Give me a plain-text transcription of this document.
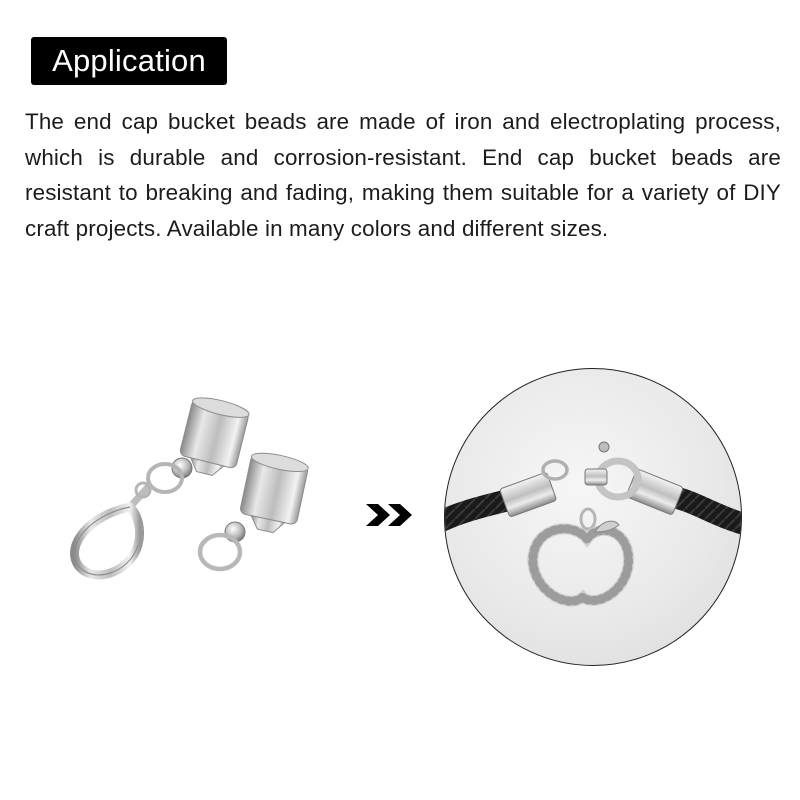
Application

The end cap bucket beads are made of iron and electroplating process, which is durable and corrosion-resistant. End cap bucket beads are resistant to breaking and fading, making them suitable for a variety of DIY craft projects. Available in many colors and different sizes.
